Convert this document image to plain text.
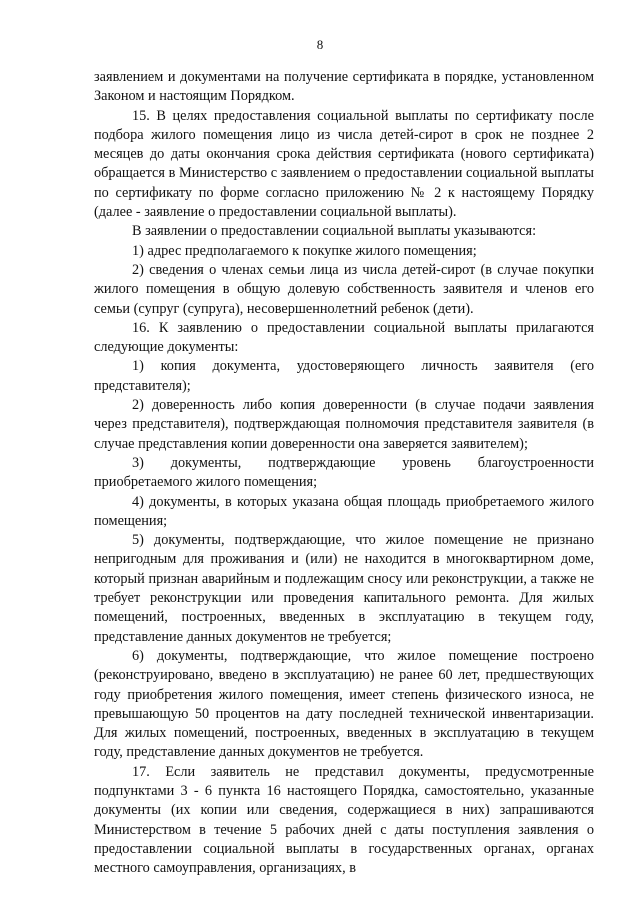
8

заявлением и документами на получение сертификата в порядке, установленном Законом и настоящим Порядком.

15. В целях предоставления социальной выплаты по сертификату после подбора жилого помещения лицо из числа детей-сирот в срок не позднее 2 месяцев до даты окончания срока действия сертификата (нового сертификата) обращается в Министерство с заявлением о предоставлении социальной выплаты по сертификату по форме согласно приложению № 2 к настоящему Порядку (далее - заявление о предоставлении социальной выплаты).

В заявлении о предоставлении социальной выплаты указываются:

1) адрес предполагаемого к покупке жилого помещения;

2) сведения о членах семьи лица из числа детей-сирот (в случае покупки жилого помещения в общую долевую собственность заявителя и членов его семьи (супруг (супруга), несовершеннолетний ребенок (дети).

16. К заявлению о предоставлении социальной выплаты прилагаются следующие документы:

1) копия документа, удостоверяющего личность заявителя (его представителя);

2) доверенность либо копия доверенности (в случае подачи заявления через представителя), подтверждающая полномочия представителя заявителя (в случае представления копии доверенности она заверяется заявителем);

3) документы, подтверждающие уровень благоустроенности приобретаемого жилого помещения;

4) документы, в которых указана общая площадь приобретаемого жилого помещения;

5) документы, подтверждающие, что жилое помещение не признано непригодным для проживания и (или) не находится в многоквартирном доме, который признан аварийным и подлежащим сносу или реконструкции, а также не требует реконструкции или проведения капитального ремонта. Для жилых помещений, построенных, введенных в эксплуатацию в текущем году, представление данных документов не требуется;

6) документы, подтверждающие, что жилое помещение построено (реконструировано, введено в эксплуатацию) не ранее 60 лет, предшествующих году приобретения жилого помещения, имеет степень физического износа, не превышающую 50 процентов на дату последней технической инвентаризации. Для жилых помещений, построенных, введенных в эксплуатацию в текущем году, представление данных документов не требуется.

17. Если заявитель не представил документы, предусмотренные подпунктами 3 - 6 пункта 16 настоящего Порядка, самостоятельно, указанные документы (их копии или сведения, содержащиеся в них) запрашиваются Министерством в течение 5 рабочих дней с даты поступления заявления о предоставлении социальной выплаты в государственных органах, органах местного самоуправления, организациях, в
